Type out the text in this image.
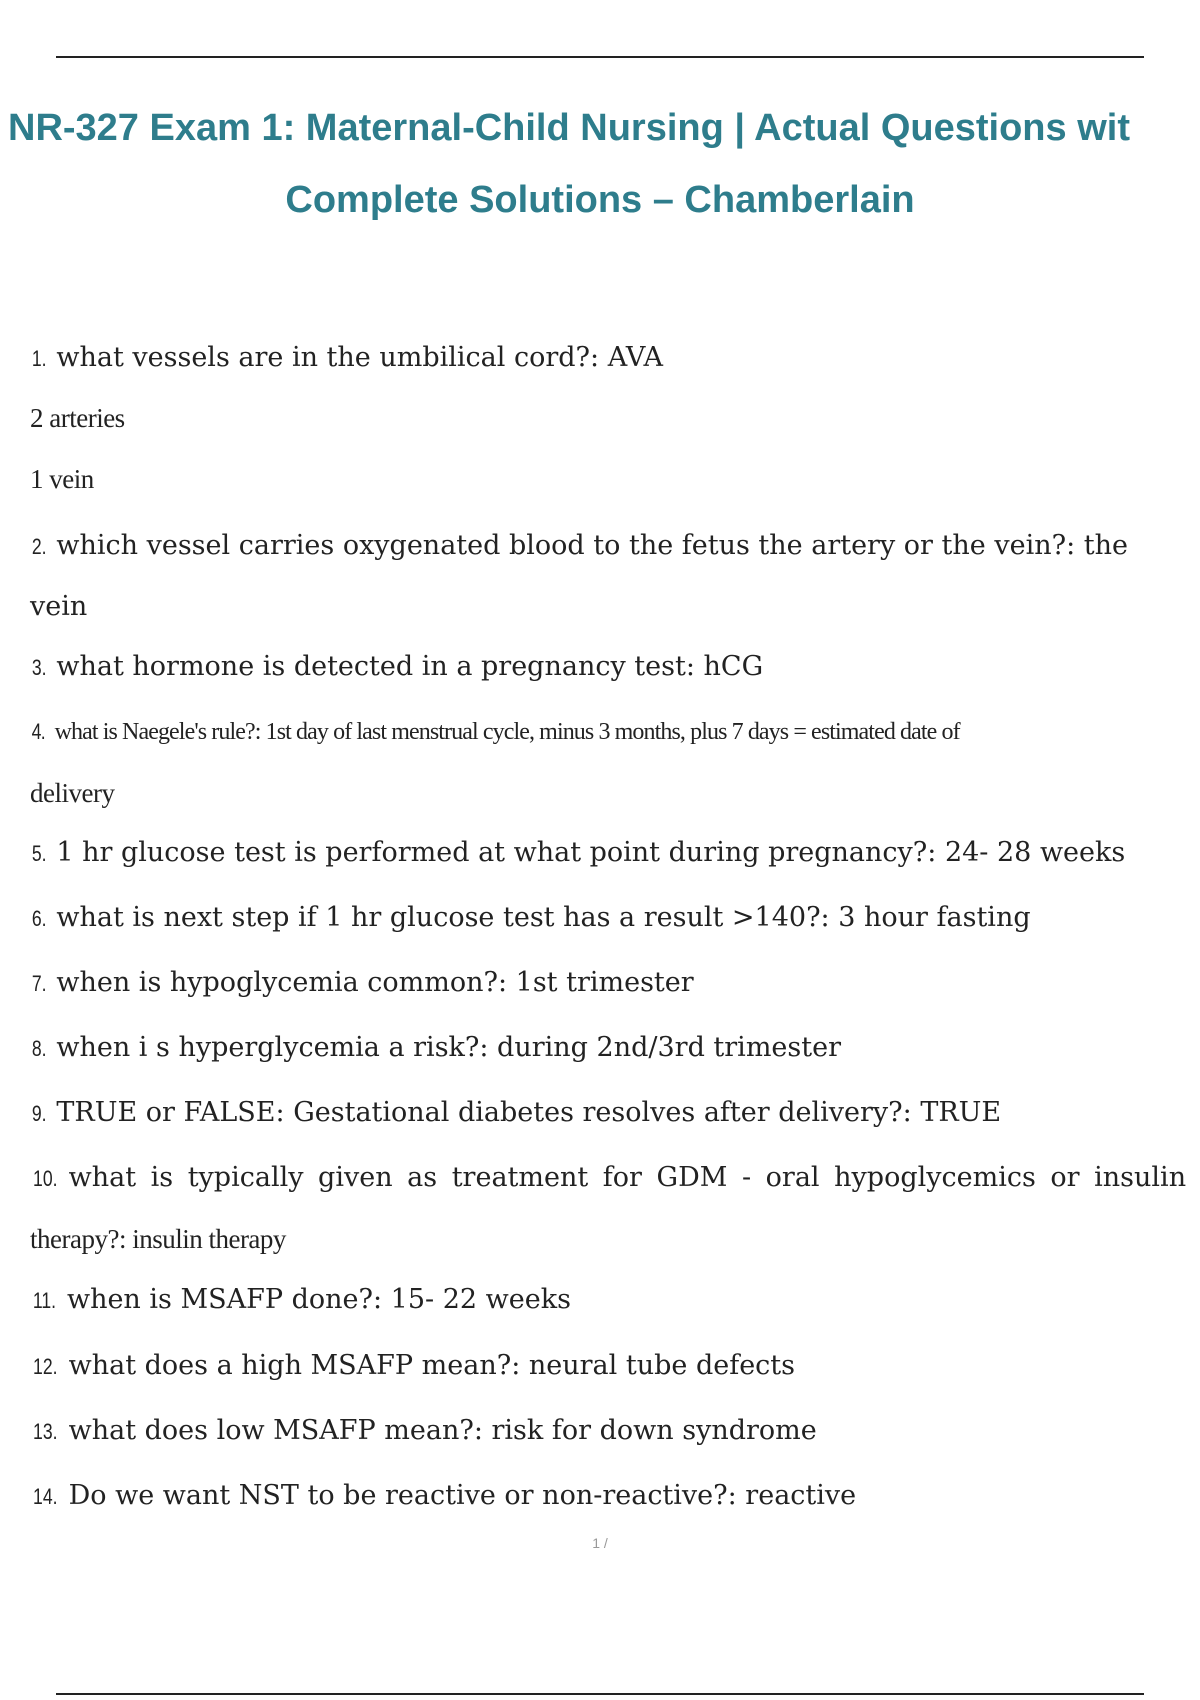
NR-327 Exam 1: Maternal-Child Nursing | Actual Questions wit
Complete Solutions – Chamberlain
1. what vessels are in the umbilical cord?: AVA
2 arteries
1 vein
2. which vessel carries oxygenated blood to the fetus the artery or the vein?: the
vein
3. what hormone is detected in a pregnancy test: hCG
4. what is Naegele's rule?: 1st day of last menstrual cycle, minus 3 months, plus 7 days = estimated date of
delivery
5. 1 hr glucose test is performed at what point during pregnancy?: 24- 28 weeks
6. what is next step if 1 hr glucose test has a result >140?: 3 hour fasting
7. when is hypoglycemia common?: 1st trimester
8. when i s hyperglycemia a risk?: during 2nd/3rd trimester
9. TRUE or FALSE: Gestational diabetes resolves after delivery?: TRUE
10. what is typically given as treatment for GDM - oral hypoglycemics or insulin
therapy?: insulin therapy
11. when is MSAFP done?: 15- 22 weeks
12. what does a high MSAFP mean?: neural tube defects
13. what does low MSAFP mean?: risk for down syndrome
14. Do we want NST to be reactive or non-reactive?: reactive
1 /
